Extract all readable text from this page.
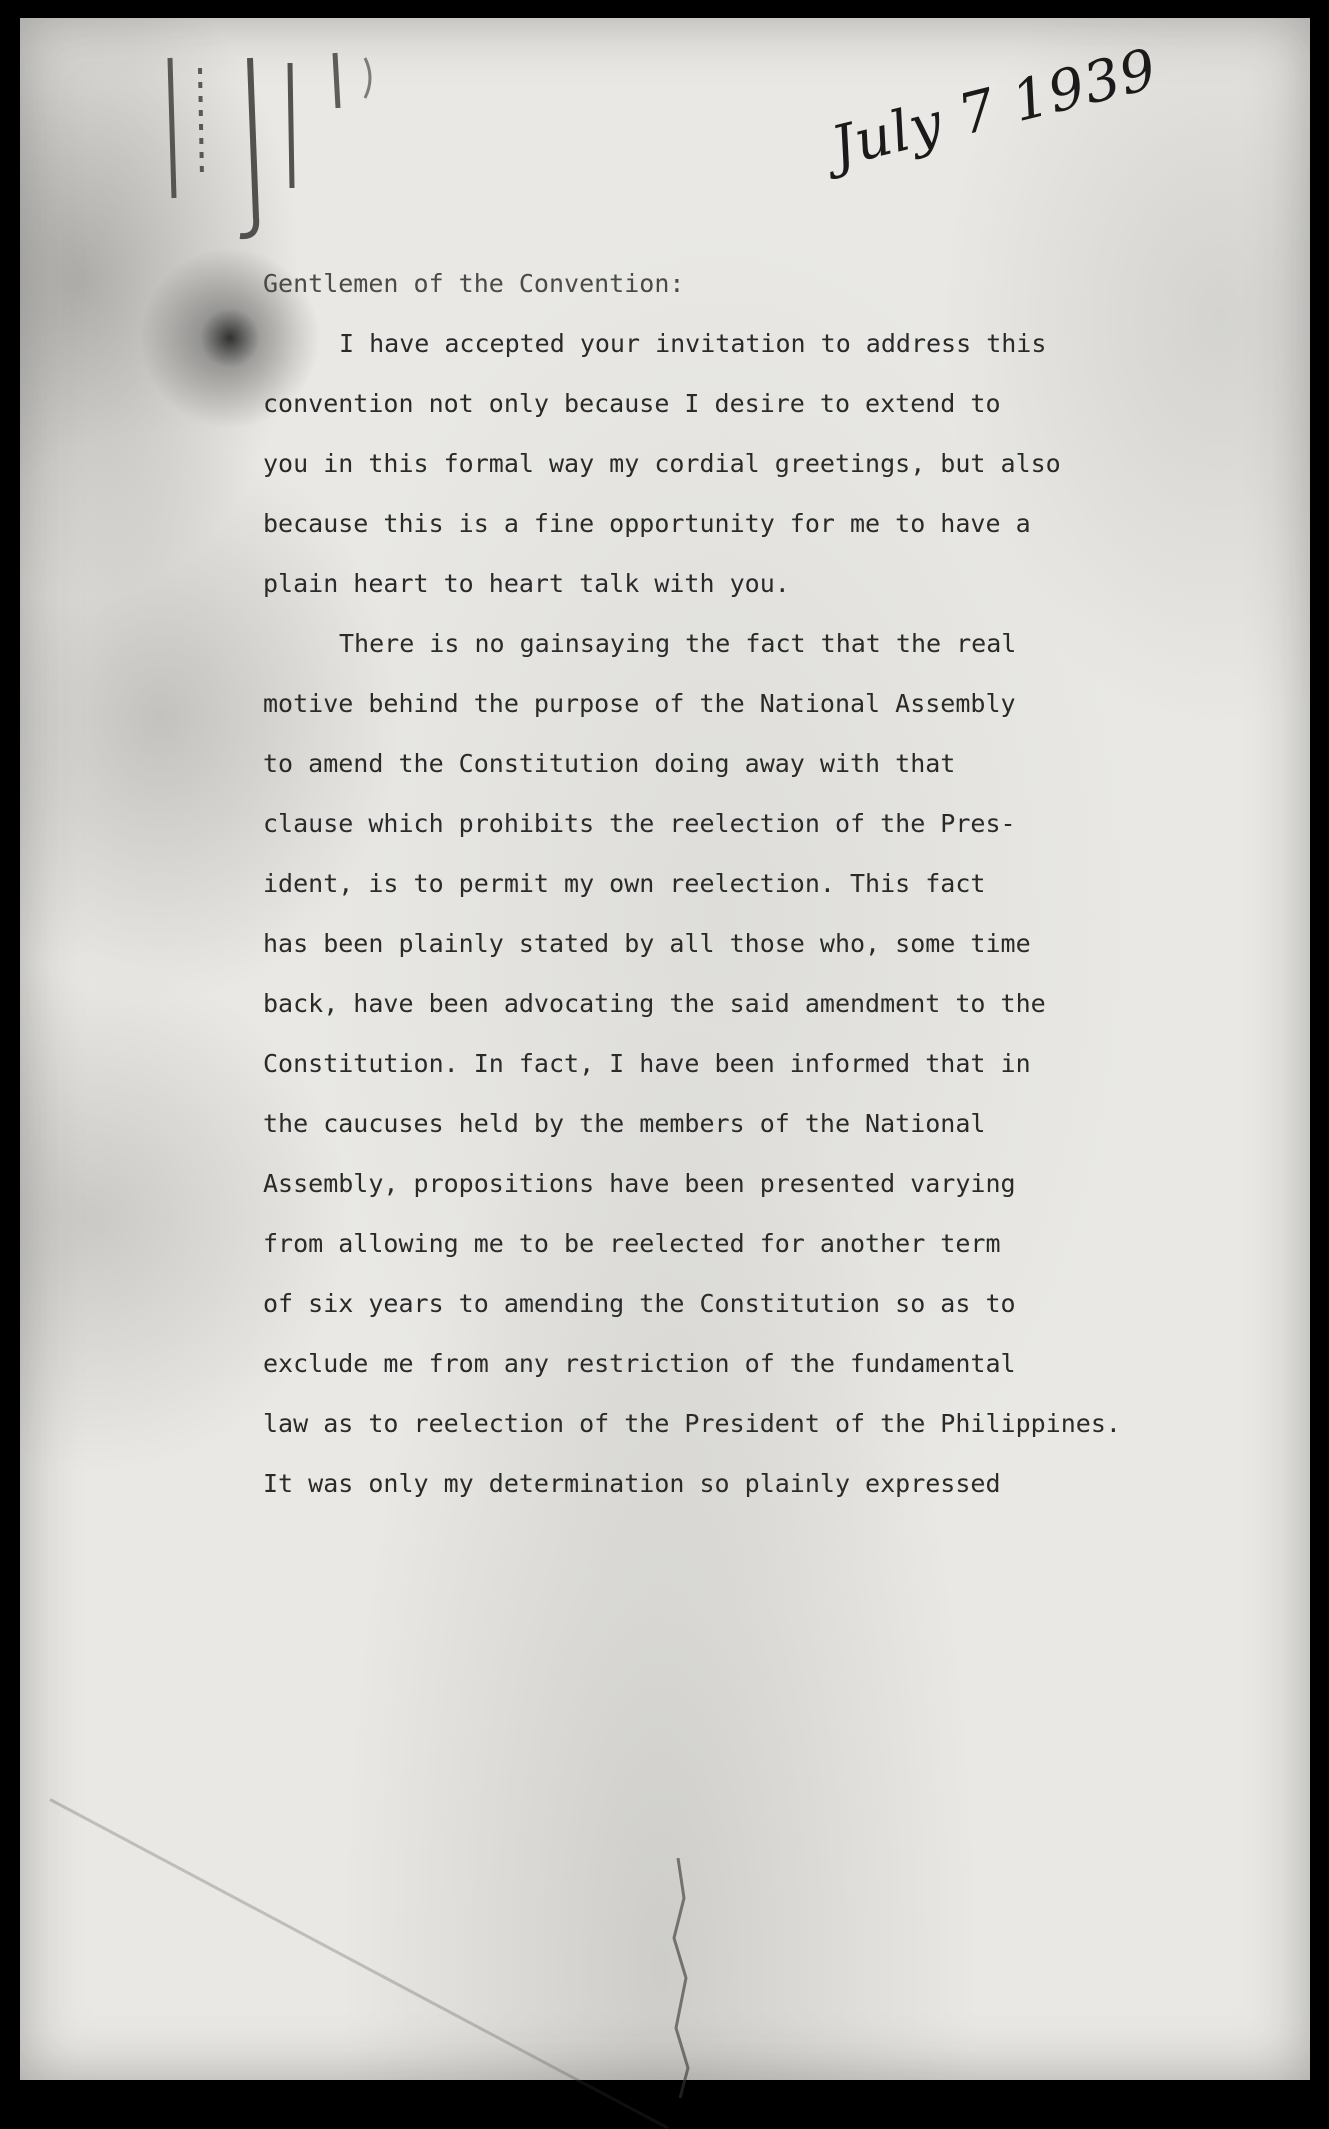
July 7 1939

Gentlemen of the Convention:

I have accepted your invitation to address this

convention not only because I desire to extend to

you in this formal way my cordial greetings, but also

because this is a fine opportunity for me to have a

plain heart to heart talk with you.

There is no gainsaying the fact that the real

motive behind the purpose of the National Assembly

to amend the Constitution doing away with that

clause which prohibits the reelection of the Pres-

ident, is to permit my own reelection. This fact

has been plainly stated by all those who, some time

back, have been advocating the said amendment to the

Constitution. In fact, I have been informed that in

the caucuses held by the members of the National

Assembly, propositions have been presented varying

from allowing me to be reelected for another term

of six years to amending the Constitution so as to

exclude me from any restriction of the fundamental

law as to reelection of the President of the Philippines.

It was only my determination so plainly expressed
